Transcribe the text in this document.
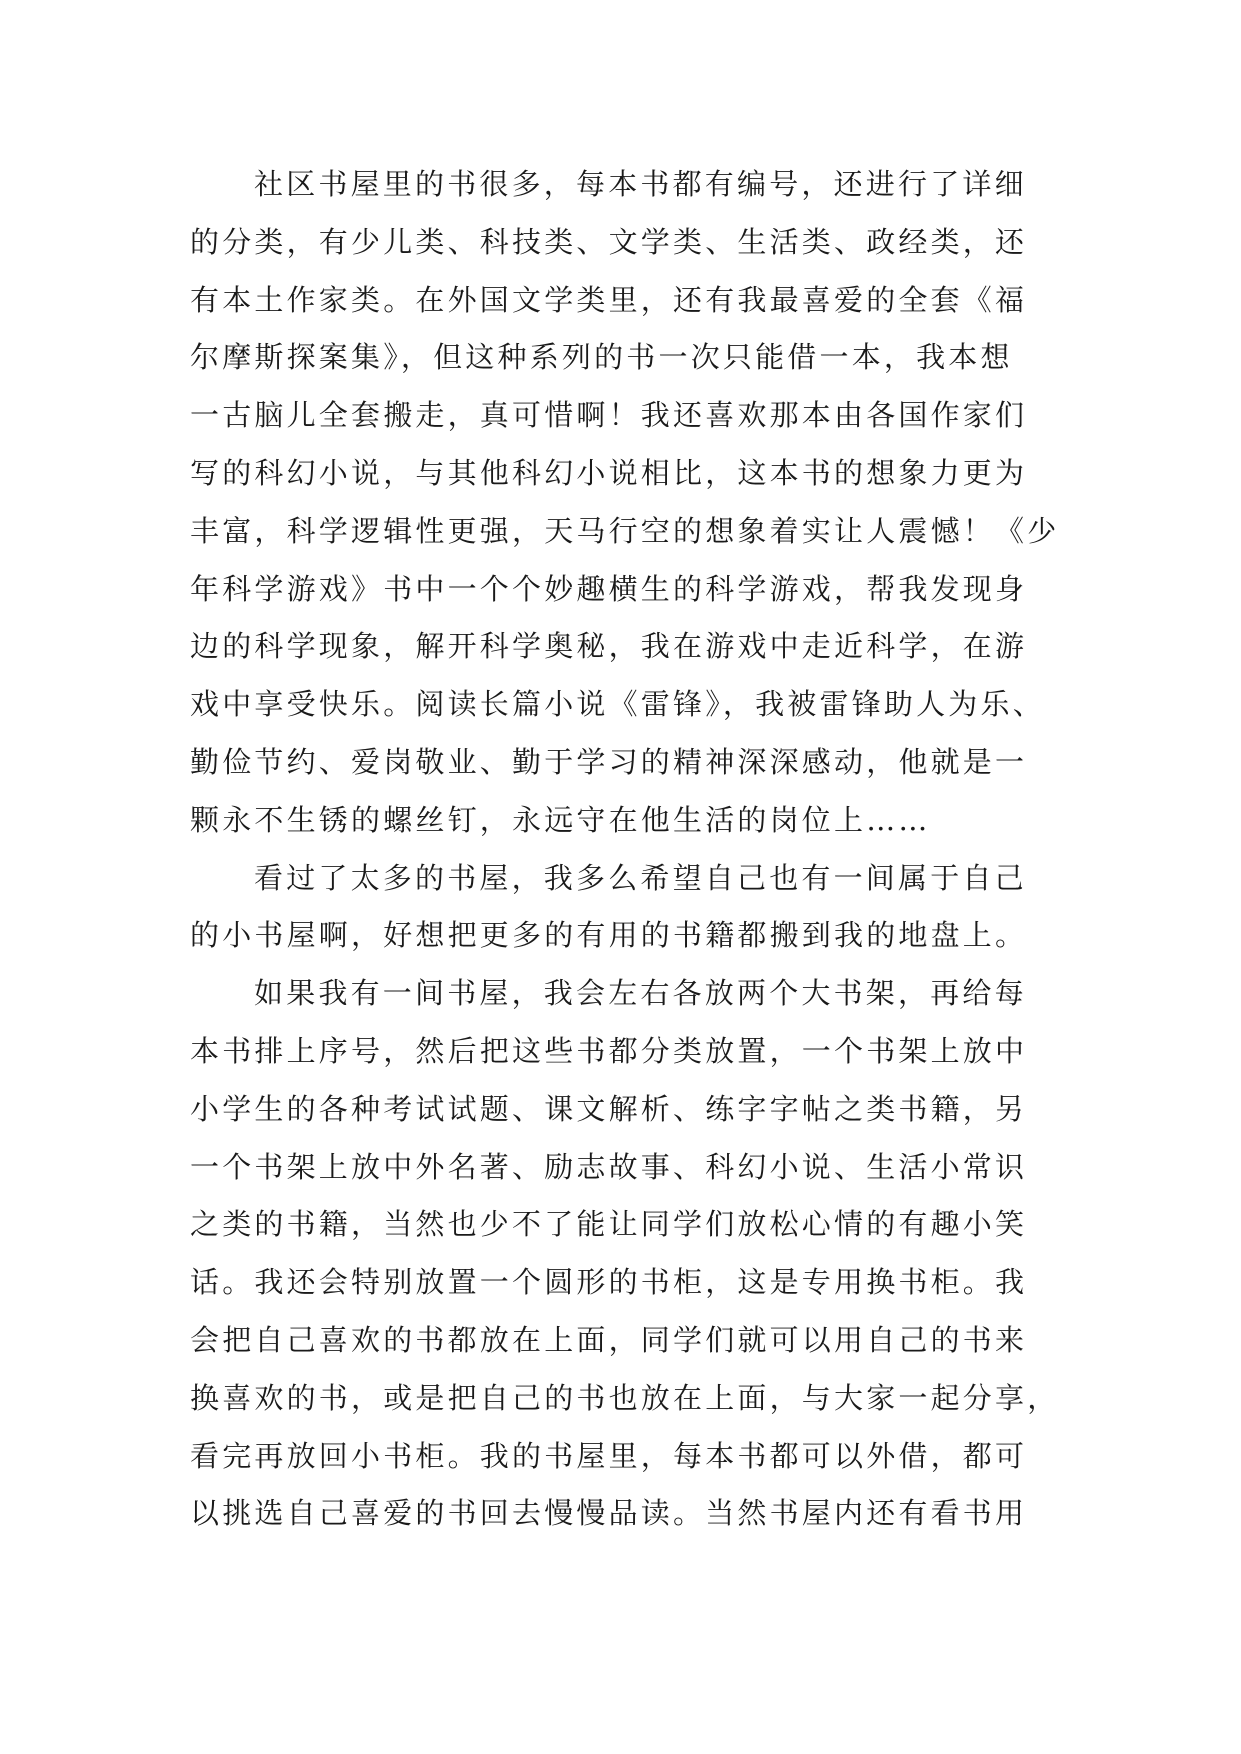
社区书屋里的书很多，每本书都有编号，还进行了详细
的分类，有少儿类、科技类、文学类、生活类、政经类，还
有本土作家类。在外国文学类里，还有我最喜爱的全套《福
尔摩斯探案集》，但这种系列的书一次只能借一本，我本想
一古脑儿全套搬走，真可惜啊！我还喜欢那本由各国作家们
写的科幻小说，与其他科幻小说相比，这本书的想象力更为
丰富，科学逻辑性更强，天马行空的想象着实让人震憾！《少
年科学游戏》书中一个个妙趣横生的科学游戏，帮我发现身
边的科学现象，解开科学奥秘，我在游戏中走近科学，在游
戏中享受快乐。阅读长篇小说《雷锋》，我被雷锋助人为乐、
勤俭节约、爱岗敬业、勤于学习的精神深深感动，他就是一
颗永不生锈的螺丝钉，永远守在他生活的岗位上……
看过了太多的书屋，我多么希望自己也有一间属于自己
的小书屋啊，好想把更多的有用的书籍都搬到我的地盘上。
如果我有一间书屋，我会左右各放两个大书架，再给每
本书排上序号，然后把这些书都分类放置，一个书架上放中
小学生的各种考试试题、课文解析、练字字帖之类书籍，另
一个书架上放中外名著、励志故事、科幻小说、生活小常识
之类的书籍，当然也少不了能让同学们放松心情的有趣小笑
话。我还会特别放置一个圆形的书柜，这是专用换书柜。我
会把自己喜欢的书都放在上面，同学们就可以用自己的书来
换喜欢的书，或是把自己的书也放在上面，与大家一起分享，
看完再放回小书柜。我的书屋里，每本书都可以外借，都可
以挑选自己喜爱的书回去慢慢品读。当然书屋内还有看书用
